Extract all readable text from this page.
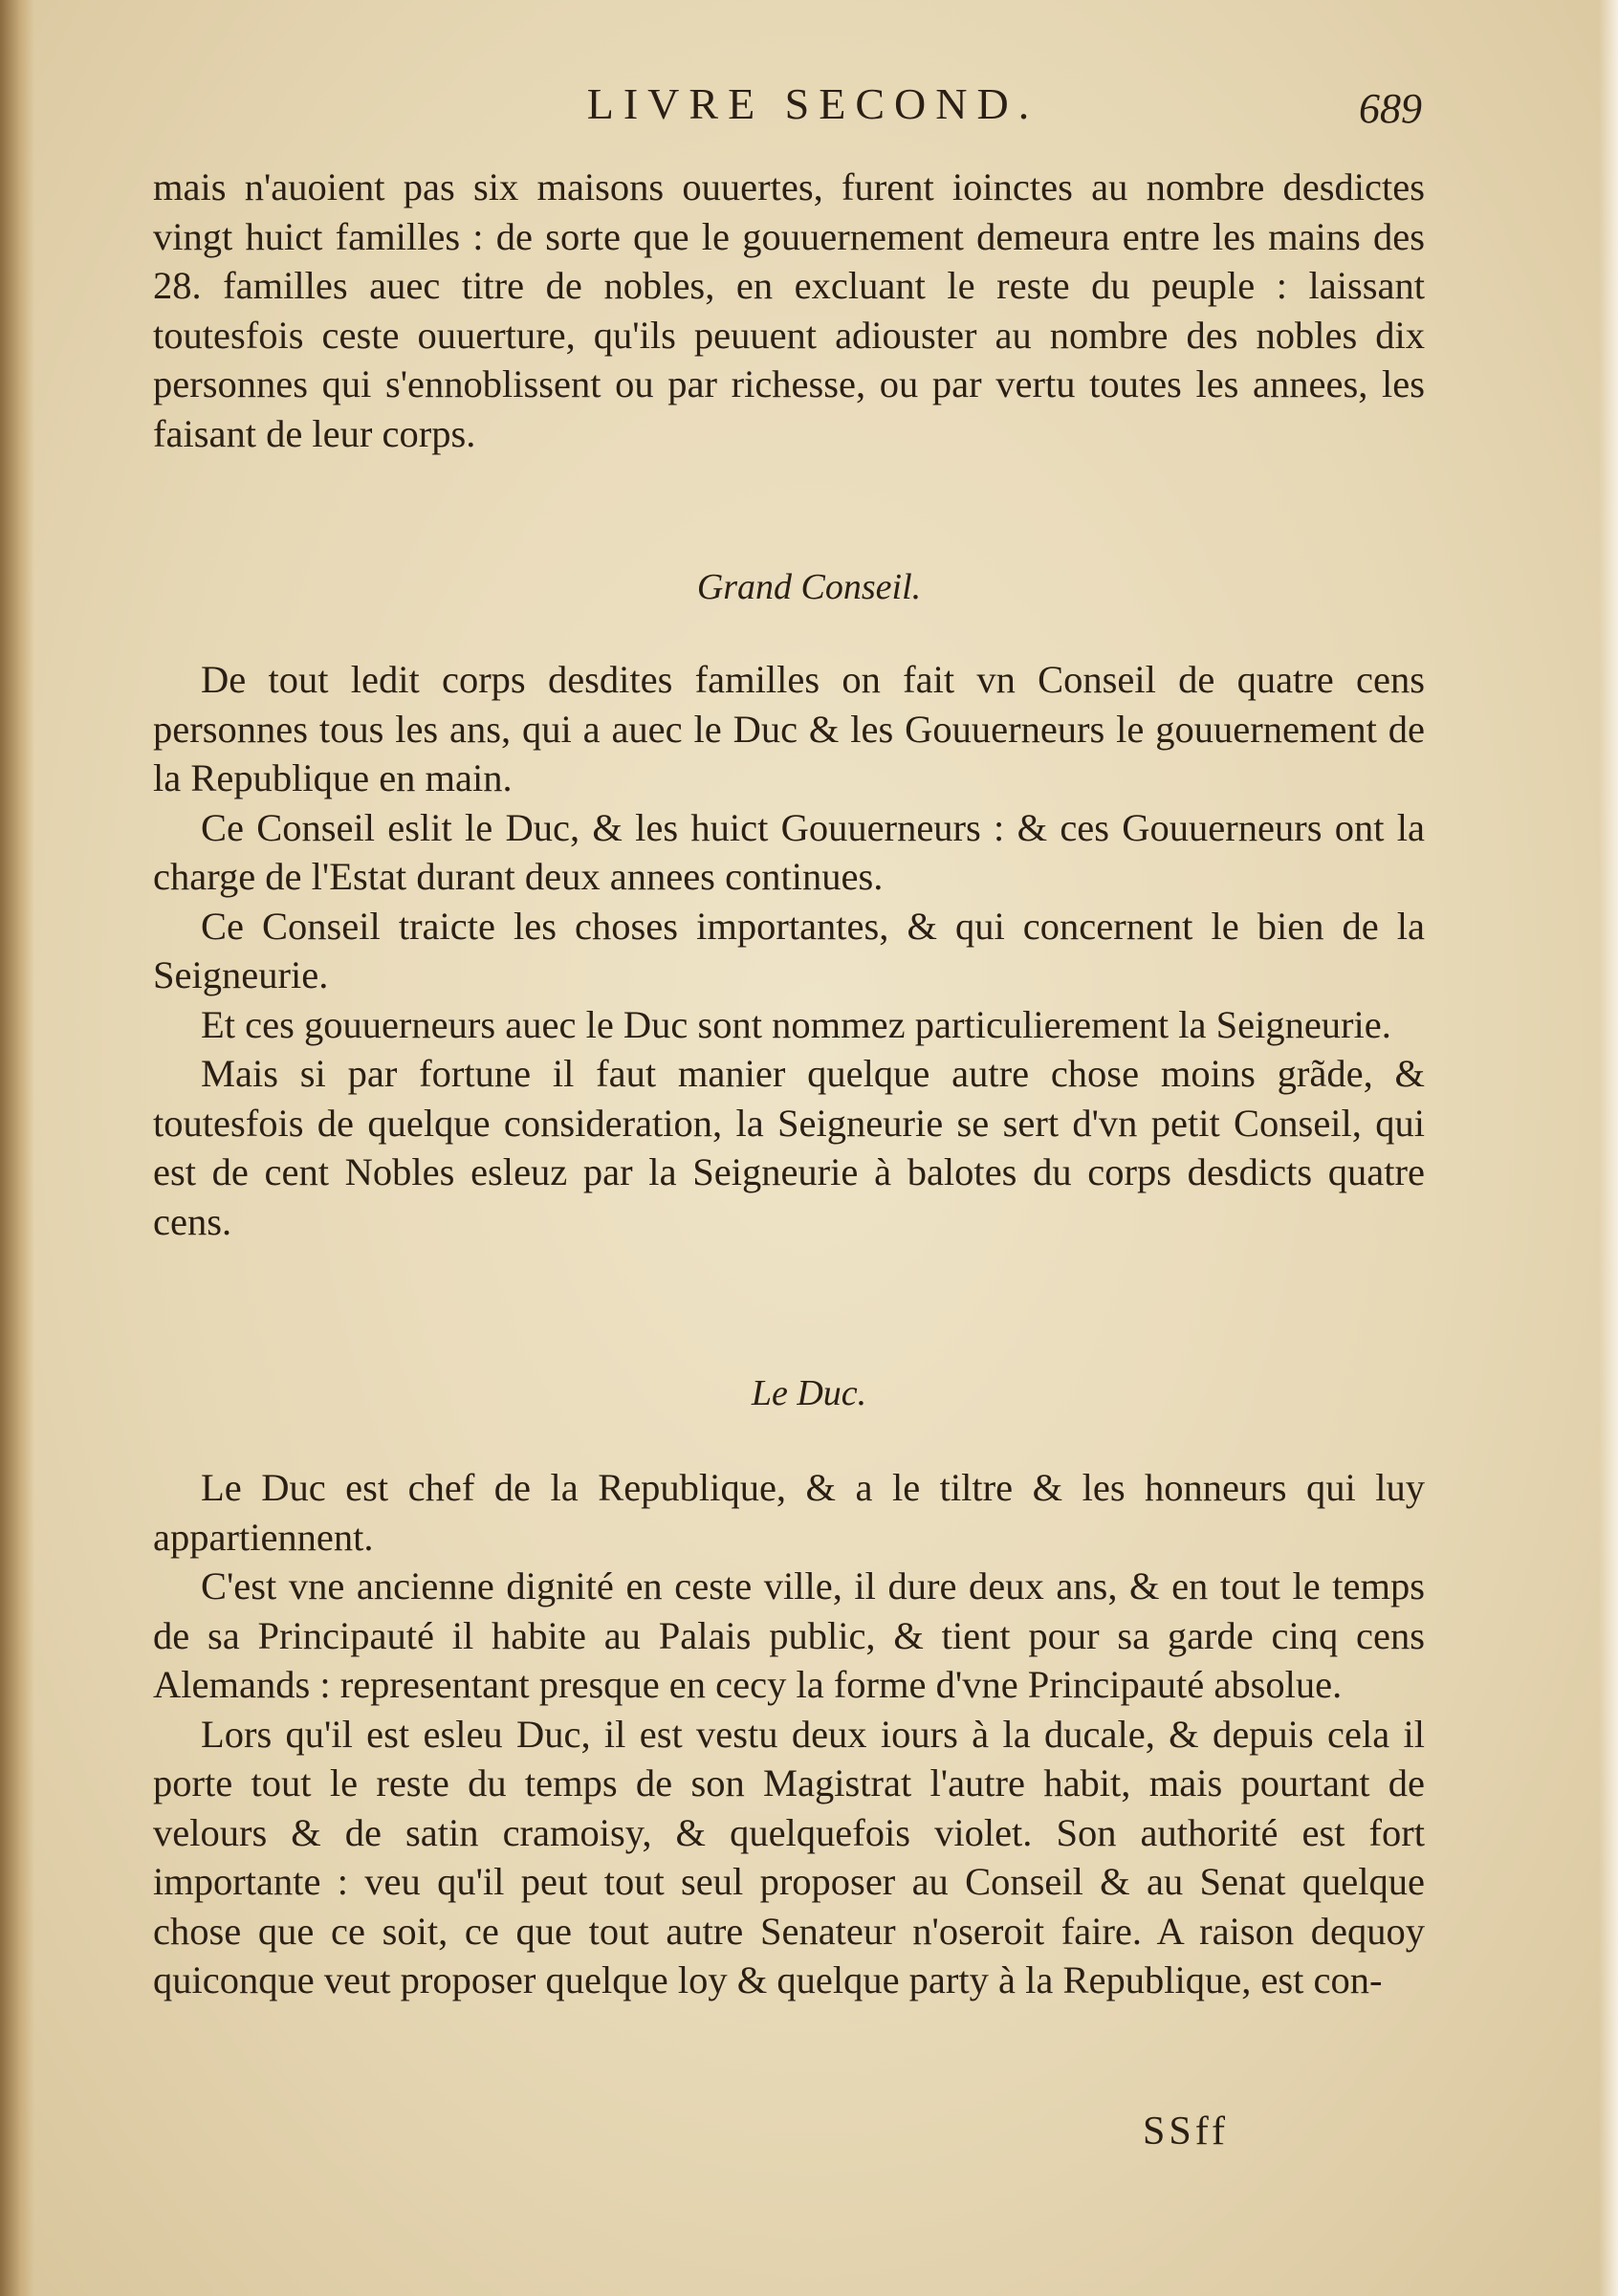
LIVRE SECOND.	689

mais n'auoient pas six maisons ouuertes, furent ioinctes au nombre desdictes vingt huict familles : de sorte que le gouuernement demeura entre les mains des 28. familles auec titre de nobles, en excluant le reste du peuple : laissant toutesfois ceste ouuerture, qu'ils peuuent adiouster au nombre des nobles dix personnes qui s'ennoblissent ou par richesse, ou par vertu toutes les annees, les faisant de leur corps.

Grand Conseil.

De tout ledit corps desdites familles on fait vn Conseil de quatre cens personnes tous les ans, qui a auec le Duc & les Gouuerneurs le gouuernement de la Republique en main.

Ce Conseil eslit le Duc, & les huict Gouuerneurs : & ces Gouuerneurs ont la charge de l'Estat durant deux annees continues.

Ce Conseil traicte les choses importantes, & qui concernent le bien de la Seigneurie.

Et ces gouuerneurs auec le Duc sont nommez particulierement la Seigneurie.

Mais si par fortune il faut manier quelque autre chose moins grãde, & toutesfois de quelque consideration, la Seigneurie se sert d'vn petit Conseil, qui est de cent Nobles esleuz par la Seigneurie à balotes du corps desdicts quatre cens.

Le Duc.

Le Duc est chef de la Republique, & a le tiltre & les honneurs qui luy appartiennent.

C'est vne ancienne dignité en ceste ville, il dure deux ans, & en tout le temps de sa Principauté il habite au Palais public, & tient pour sa garde cinq cens Alemands : representant presque en cecy la forme d'vne Principauté absolue.

Lors qu'il est esleu Duc, il est vestu deux iours à la ducale, & depuis cela il porte tout le reste du temps de son Magistrat l'autre habit, mais pourtant de velours & de satin cramoisy, & quelquefois violet. Son authorité est fort importante : veu qu'il peut tout seul proposer au Conseil & au Senat quelque chose que ce soit, ce que tout autre Senateur n'oseroit faire. A raison dequoy quiconque veut proposer quelque loy & quelque party à la Republique, est con-

SSff
